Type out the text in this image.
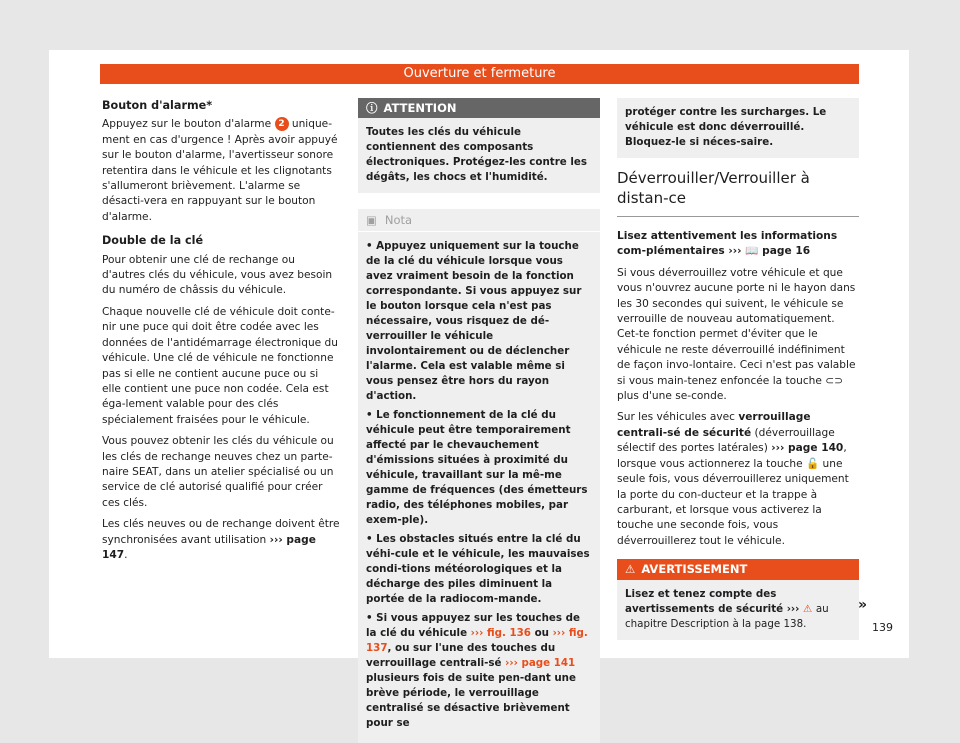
Ouverture et fermeture
Bouton d'alarme*

Appuyez sur le bouton d'alarme 2 unique-ment en cas d'urgence ! Après avoir appuyé sur le bouton d'alarme, l'avertisseur sonore retentira dans le véhicule et les clignotants s'allumeront brièvement. L'alarme se désacti-vera en rappuyant sur le bouton d'alarme.

Double de la clé

Pour obtenir une clé de rechange ou d'autres clés du véhicule, vous avez besoin du numéro de châssis du véhicule.

Chaque nouvelle clé de véhicule doit conte-nir une puce qui doit être codée avec les données de l'antidémarrage électronique du véhicule. Une clé de véhicule ne fonctionne pas si elle ne contient aucune puce ou si elle contient une puce non codée. Cela est éga-lement valable pour des clés spécialement fraisées pour le véhicule.

Vous pouvez obtenir les clés du véhicule ou les clés de rechange neuves chez un parte-naire SEAT, dans un atelier spécialisé ou un service de clé autorisé qualifié pour créer ces clés.

Les clés neuves ou de rechange doivent être synchronisées avant utilisation ››› page 147.

ⓘ ATTENTION
Toutes les clés du véhicule contiennent des composants électroniques. Protégez-les contre les dégâts, les chocs et l'humidité.
▣ Nota
• Appuyez uniquement sur la touche de la clé du véhicule lorsque vous avez vraiment besoin de la fonction correspondante. Si vous appuyez sur le bouton lorsque cela n'est pas nécessaire, vous risquez de dé-verrouiller le véhicule involontairement ou de déclencher l'alarme. Cela est valable même si vous pensez être hors du rayon d'action.
• Le fonctionnement de la clé du véhicule peut être temporairement affecté par le chevauchement d'émissions situées à proximité du véhicule, travaillant sur la mê-me gamme de fréquences (des émetteurs radio, des téléphones mobiles, par exem-ple).
• Les obstacles situés entre la clé du véhi-cule et le véhicule, les mauvaises condi-tions météorologiques et la décharge des piles diminuent la portée de la radiocom-mande.
• Si vous appuyez sur les touches de la clé du véhicule ››› fig. 136 ou ››› fig. 137, ou sur l'une des touches du verrouillage centrali-sé ››› page 141 plusieurs fois de suite pen-dant une brève période, le verrouillage centralisé se désactive brièvement pour se
protéger contre les surcharges. Le véhicule est donc déverrouillé. Bloquez-le si néces-saire.
Déverrouiller/Verrouiller à distan-ce

Lisez attentivement les informations com-plémentaires ››› 📖 page 16

Si vous déverrouillez votre véhicule et que vous n'ouvrez aucune porte ni le hayon dans les 30 secondes qui suivent, le véhicule se verrouille de nouveau automatiquement. Cet-te fonction permet d'éviter que le véhicule ne reste déverrouillé indéfiniment de façon invo-lontaire. Ceci n'est pas valable si vous main-tenez enfoncée la touche ⊂⊃ plus d'une se-conde.

Sur les véhicules avec verrouillage centrali-sé de sécurité (déverrouillage sélectif des portes latérales) ››› page 140, lorsque vous actionnerez la touche 🔓 une seule fois, vous déverrouillerez uniquement la porte du con-ducteur et la trappe à carburant, et lorsque vous activerez la touche une seconde fois, vous déverrouillerez tout le véhicule.

⚠ AVERTISSEMENT
Lisez et tenez compte des avertissements de sécurité ››› ⚠ au chapitre Description à la page 138.
»
139
